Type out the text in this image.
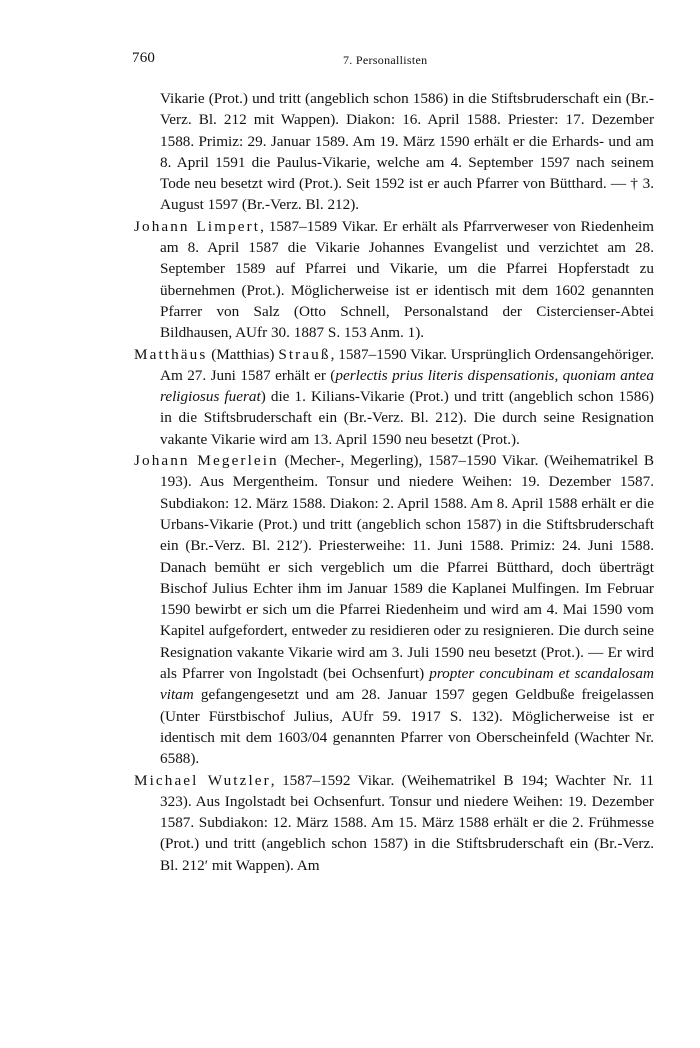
760	7. Personallisten

Vikarie (Prot.) und tritt (angeblich schon 1586) in die Stiftsbruderschaft ein (Br.-Verz. Bl. 212 mit Wappen). Diakon: 16. April 1588. Priester: 17. Dezember 1588. Primiz: 29. Januar 1589. Am 19. März 1590 erhält er die Erhards- und am 8. April 1591 die Paulus-Vikarie, welche am 4. September 1597 nach seinem Tode neu besetzt wird (Prot.). Seit 1592 ist er auch Pfarrer von Bütthard. — † 3. August 1597 (Br.-Verz. Bl. 212).

Johann Limpert, 1587–1589 Vikar. Er erhält als Pfarrverweser von Riedenheim am 8. April 1587 die Vikarie Johannes Evangelist und verzichtet am 28. September 1589 auf Pfarrei und Vikarie, um die Pfarrei Hopferstadt zu übernehmen (Prot.). Möglicherweise ist er identisch mit dem 1602 genannten Pfarrer von Salz (Otto Schnell, Personalstand der Cistercienser-Abtei Bildhausen, AUfr 30. 1887 S. 153 Anm. 1).

Matthäus (Matthias) Strauß, 1587–1590 Vikar. Ursprünglich Ordensangehöriger. Am 27. Juni 1587 erhält er (perlectis prius literis dispensationis, quoniam antea religiosus fuerat) die 1. Kilians-Vikarie (Prot.) und tritt (angeblich schon 1586) in die Stiftsbruderschaft ein (Br.-Verz. Bl. 212). Die durch seine Resignation vakante Vikarie wird am 13. April 1590 neu besetzt (Prot.).

Johann Megerlein (Mecher-, Megerling), 1587–1590 Vikar. (Weihematrikel B 193). Aus Mergentheim. Tonsur und niedere Weihen: 19. Dezember 1587. Subdiakon: 12. März 1588. Diakon: 2. April 1588. Am 8. April 1588 erhält er die Urbans-Vikarie (Prot.) und tritt (angeblich schon 1587) in die Stiftsbruderschaft ein (Br.-Verz. Bl. 212′). Priesterweihe: 11. Juni 1588. Primiz: 24. Juni 1588. Danach bemüht er sich vergeblich um die Pfarrei Bütthard, doch überträgt Bischof Julius Echter ihm im Januar 1589 die Kaplanei Mulfingen. Im Februar 1590 bewirbt er sich um die Pfarrei Riedenheim und wird am 4. Mai 1590 vom Kapitel aufgefordert, entweder zu residieren oder zu resignieren. Die durch seine Resignation vakante Vikarie wird am 3. Juli 1590 neu besetzt (Prot.). — Er wird als Pfarrer von Ingolstadt (bei Ochsenfurt) propter concubinam et scandalosam vitam gefangengesetzt und am 28. Januar 1597 gegen Geldbuße freigelassen (Unter Fürstbischof Julius, AUfr 59. 1917 S. 132). Möglicherweise ist er identisch mit dem 1603/04 genannten Pfarrer von Oberscheinfeld (Wachter Nr. 6588).

Michael Wutzler, 1587–1592 Vikar. (Weihematrikel B 194; Wachter Nr. 11 323). Aus Ingolstadt bei Ochsenfurt. Tonsur und niedere Weihen: 19. Dezember 1587. Subdiakon: 12. März 1588. Am 15. März 1588 erhält er die 2. Frühmesse (Prot.) und tritt (angeblich schon 1587) in die Stiftsbruderschaft ein (Br.-Verz. Bl. 212′ mit Wappen). Am
